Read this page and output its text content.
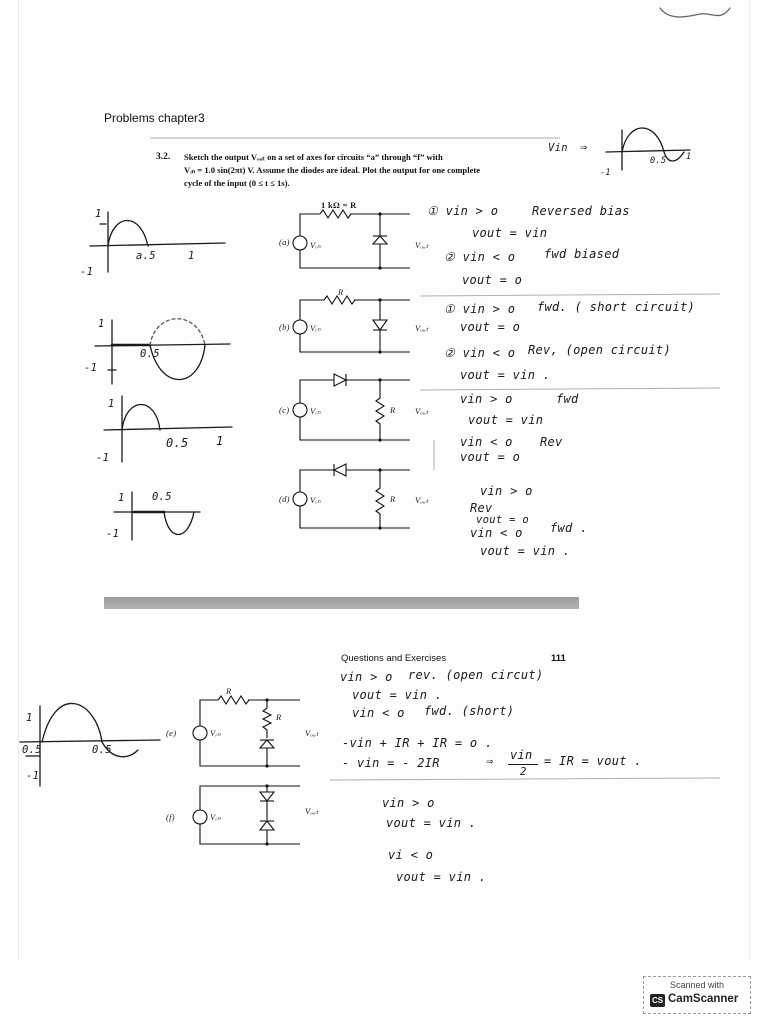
Problems chapter3
3.2. Sketch the output Vₒᵤₜ on a set of axes for circuits “a” through “f” with
Vᵢₙ = 1.0 sin(2πt) V. Assume the diodes are ideal. Plot the output for one complete
cycle of the input (0 ≤ t ≤ 1s).
1 kΩ = R
(a) Vᵢₙ	Vₒᵤₜ
R
(b) Vᵢₙ	Vₒᵤₜ
(c) Vᵢₙ	R Vₒᵤₜ
(d) Vᵢₙ	R Vₒᵤₜ
R
(e)	Vᵢₙ
R
Vₒᵤₜ
(f)	Vᵢₙ
Vₒᵤₜ
1
a.5	1
-1
1
0.5
-1
1
0.5 1
-1
1	0.5
-1
1
0.5	0.5
-1
Vin ⇒
0.5 1
-1
① vin > o	Reversed bias
vout = vin
② vin < o fwd biased
vout = o
① vin > o fwd. ( short circuit)
vout = o
② vin < o Rev, (open circuit)
vout = vin .
vin > o	fwd
vout = vin
vin < o Rev
vout = o
vin > o
Rev
vout = o
vin < o fwd .
vout = vin .
Questions and Exercises	111
vin > o rev. (open circut)
vout = vin .
vin < o fwd. (short)
-vin + IR + IR = o .
- vin = - 2IR	⇒ vin
2
= IR = vout .
vin > o
vout = vin .
vi < o
vout = vin .
Scanned with
CS CamScanner
